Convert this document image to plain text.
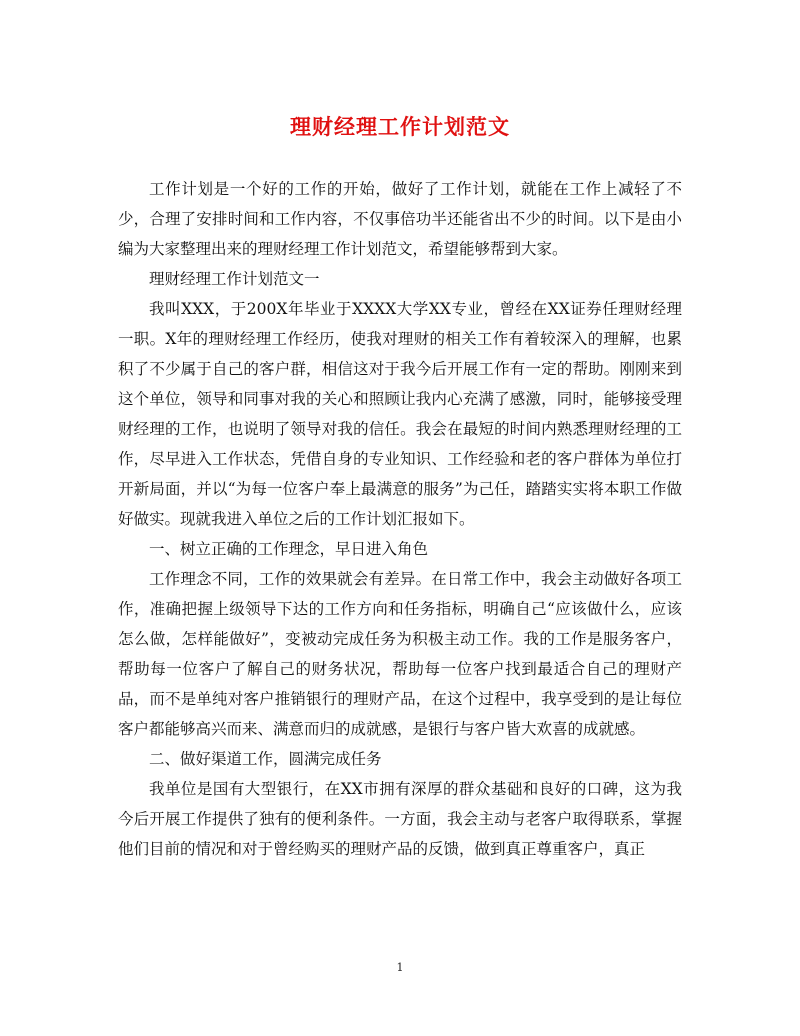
理财经理工作计划范文

工作计划是一个好的工作的开始，做好了工作计划，就能在工作上减轻了不少，合理了安排时间和工作内容，不仅事倍功半还能省出不少的时间。以下是由小编为大家整理出来的理财经理工作计划范文，希望能够帮到大家。

理财经理工作计划范文一

我叫XXX，于200X年毕业于XXXX大学XX专业，曾经在XX证券任理财经理一职。X年的理财经理工作经历，使我对理财的相关工作有着较深入的理解，也累积了不少属于自己的客户群，相信这对于我今后开展工作有一定的帮助。刚刚来到这个单位，领导和同事对我的关心和照顾让我内心充满了感激，同时，能够接受理财经理的工作，也说明了领导对我的信任。我会在最短的时间内熟悉理财经理的工作，尽早进入工作状态，凭借自身的专业知识、工作经验和老的客户群体为单位打开新局面，并以“为每一位客户奉上最满意的服务”为己任，踏踏实实将本职工作做好做实。现就我进入单位之后的工作计划汇报如下。

一、树立正确的工作理念，早日进入角色

工作理念不同，工作的效果就会有差异。在日常工作中，我会主动做好各项工作，准确把握上级领导下达的工作方向和任务指标，明确自己“应该做什么，应该怎么做，怎样能做好”，变被动完成任务为积极主动工作。我的工作是服务客户，帮助每一位客户了解自己的财务状况，帮助每一位客户找到最适合自己的理财产品，而不是单纯对客户推销银行的理财产品，在这个过程中，我享受到的是让每位客户都能够高兴而来、满意而归的成就感，是银行与客户皆大欢喜的成就感。

二、做好渠道工作，圆满完成任务

我单位是国有大型银行，在XX市拥有深厚的群众基础和良好的口碑，这为我今后开展工作提供了独有的便利条件。一方面，我会主动与老客户取得联系，掌握他们目前的情况和对于曾经购买的理财产品的反馈，做到真正尊重客户，真正

1
